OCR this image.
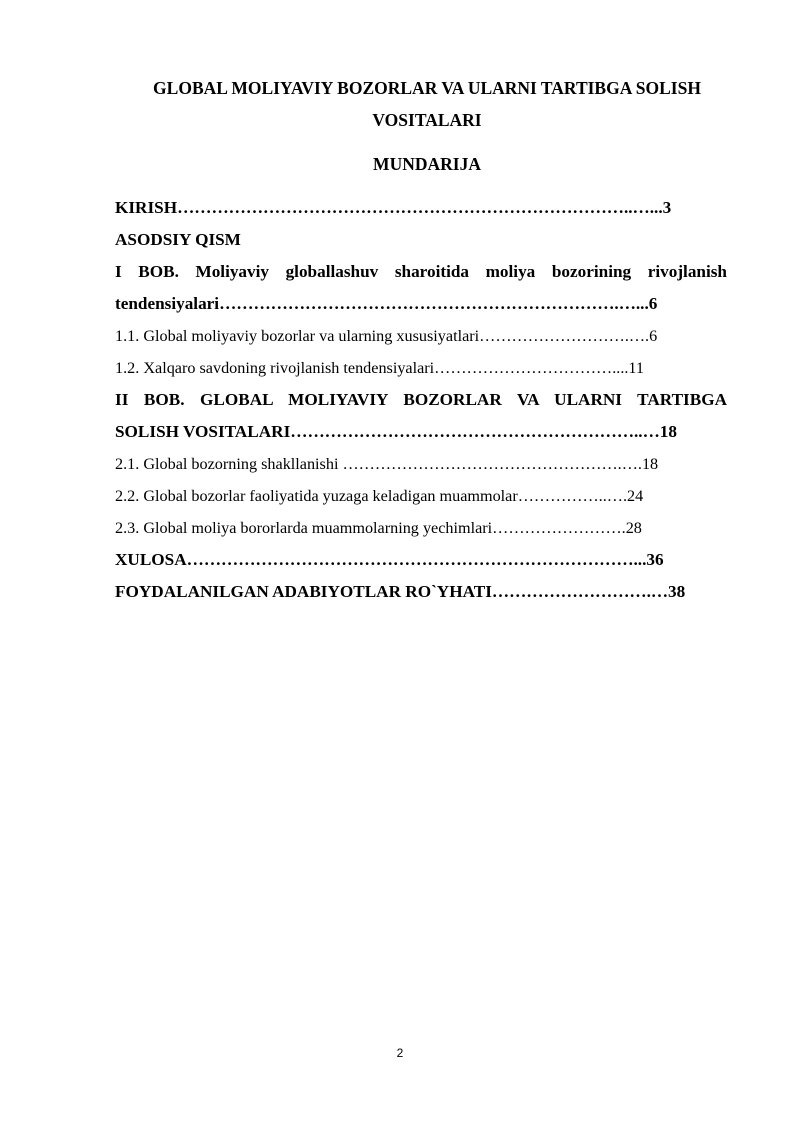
GLOBAL MOLIYAVIY BOZORLAR VA ULARNI TARTIBGA SOLISH
VOSITALARI
MUNDARIJA
KIRISH……………………………………………………………………..…...3
ASODSIY QISM
I BOB. Moliyaviy globallashuv sharoitida moliya bozorining rivojlanish
tendensiyalari…………………………………………………………….…...6
1.1. Global moliyaviy bozorlar va ularning xususiyatlari……………………….….6
1.2. Xalqaro savdoning rivojlanish tendensiyalari……………………………....11
II BOB. GLOBAL MOLIYAVIY BOZORLAR VA ULARNI TARTIBGA
SOLISH VOSITALARI……………………………………………………..…18
2.1. Global bozorning shakllanishi …………………………………………….….18
2.2. Global bozorlar faoliyatida yuzaga keladigan muammolar……………..….24
2.3. Global moliya bororlarda muammolarning yechimlari…………………….28
XULOSA……………………………………………………………………...36
FOYDALANILGAN ADABIYOTLAR RO`YHATI……………………….…38
2
